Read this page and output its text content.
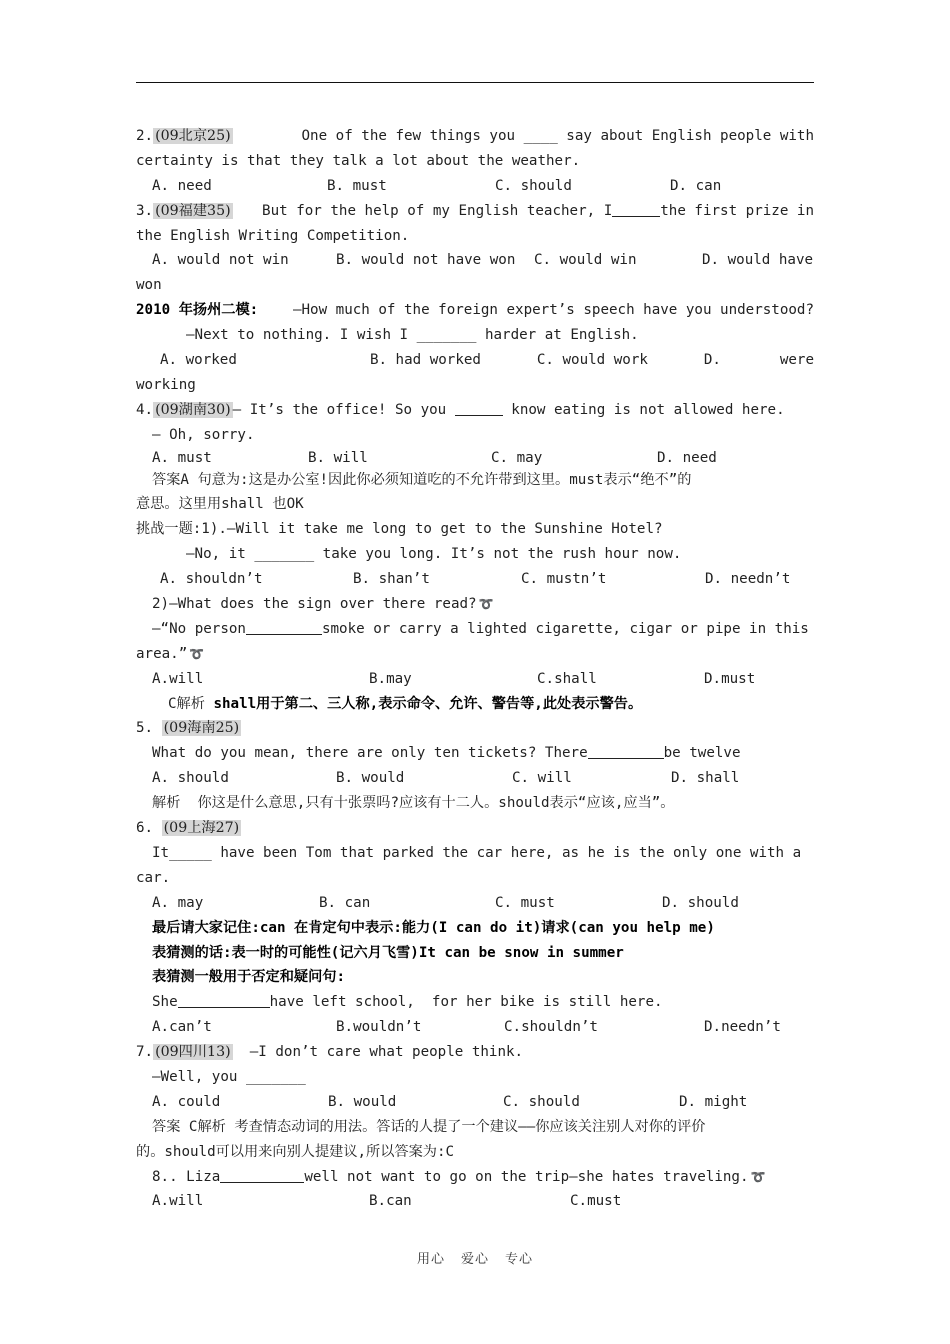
2. (09北京25)	One of the few things you ____ say about English people with
certainty is that they talk a lot about the weather.
A. need	B. must	C. should	D. can
3. (09福建35) But for the help of my English teacher, I	the first prize in
the English Writing Competition.
A. would not win	B. would not have won	C. would win	D. would have
won
2010 年扬州二模: —How much of the foreign expert’s speech have you understood?
—Next to nothing. I wish I _______ harder at English.
A. worked	B. had worked	C. would work	D.	were
working
4. (09湖南30) — It’s the office! So you	know eating is not allowed here.
— Oh, sorry.
A. must	B. will	C. may	D. need
答案A 句意为:这是办公室!因此你必须知道吃的不允许带到这里。must表示“绝不”的
意思。这里用shall 也OK
挑战一题:1).—Will it take me long to get to the Sunshine Hotel?
—No, it _______ take you long. It’s not the rush hour now.
A. shouldn’t	B. shan’t	C. mustn’t	D. needn’t
2)—What does the sign over there read? ➰
—“No person	smoke or carry a lighted cigarette, cigar or pipe in this
area.” ➰
A.will	B.may	C.shall	D.must
C解析 shall用于第二、三人称,表示命令、允许、警告等,此处表示警告。
5. (09海南25)
What do you mean, there are only ten tickets? There	be twelve
A. should	B. would	C. will	D. shall
解析  你这是什么意思,只有十张票吗?应该有十二人。should表示“应该,应当”。
6. (09上海27)
It_____ have been Tom that parked the car here, as he is the only one with a
car.
A. may	B. can	C. must	D. should
最后请大家记住:can 在肯定句中表示:能力(I can do it)请求(can you help me)
表猜测的话:表一时的可能性(记六月飞雪)It can be snow in summer
表猜测一般用于否定和疑问句:
She	have left school,  for her bike is still here.
A.can’t	B.wouldn’t	C.shouldn’t	D.needn’t
7. (09四川13) —I don’t care what people think.
—Well, you _______
A. could	B. would	C. should	D. might
答案 C解析 考查情态动词的用法。答话的人提了一个建议——你应该关注别人对你的评价
的。should可以用来向别人提建议,所以答案为:C
8.. Liza	well not want to go on the trip—she hates traveling. ➰
A.will	B.can	C.must
用心 爱心 专心
